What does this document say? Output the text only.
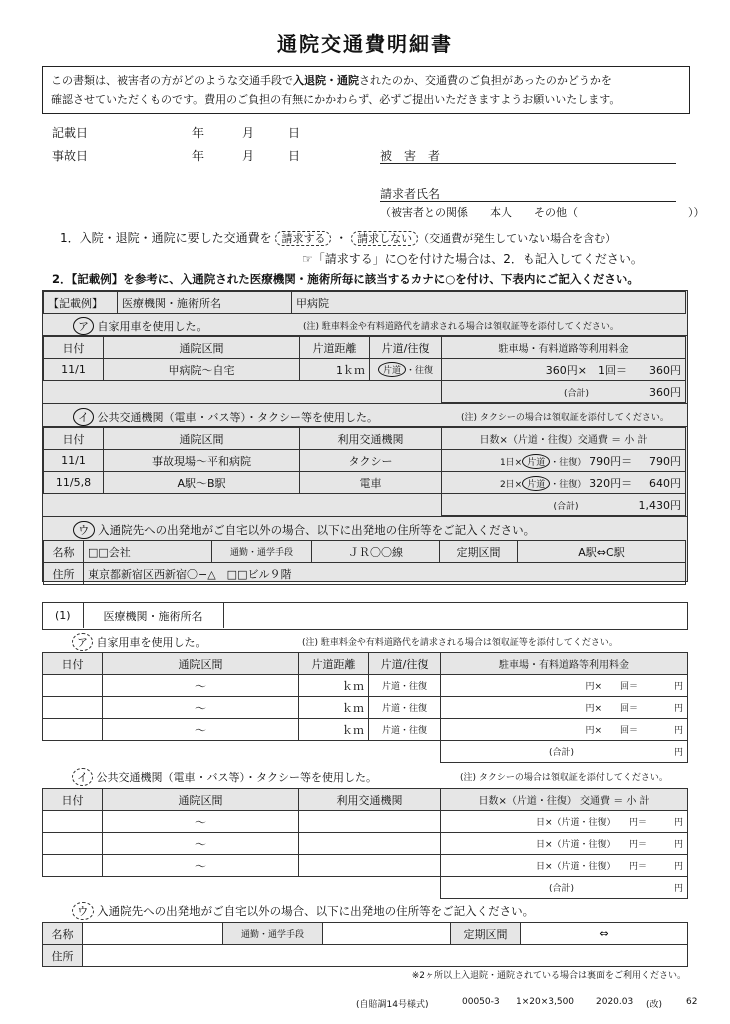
通院交通費明細書
この書類は、被害者の方がどのような交通手段で入退院・通院されたのか、交通費のご負担があったのかどうかを
確認させていただくものです。費用のご負担の有無にかかわらず、必ずご提出いただきますようお願いいたします。
記載日	年	月	日
事故日	年	月	日	被　害　者
請求者氏名
（被害者との関係　　本人　　その他（　　　　　　　　　　））
1．入院・退院・通院に要した交通費を 請求する ・ 請求しない （交通費が発生していない場合を含む）
☞「請求する」に○を付けた場合は、2．も記入してください。
2．【記載例】を参考に、入通院された医療機関・施術所毎に該当するカナに○を付け、下表内にご記入ください。
【記載例】	医療機関・施術所名	甲病院
ア 自家用車を使用した。	(注) 駐車料金や有料道路代を請求される場合は領収証等を添付してください。
日付	通院区間	片道距離	片道/往復	駐車場・有料道路等利用料金
11/1	甲病院〜自宅	1ｋｍ	片道 ・往復	360円×　1回＝　　360円
				(合計) 360円
イ 公共交通機関（電車・バス等）・タクシー等を使用した。	(注) タクシーの場合は領収証を添付してください。
日付	通院区間	利用交通機関	日数×（片道・往復）交通費 ＝ 小 計
11/1	事故現場〜平和病院	タクシー	1日× 片道 ・往復） 790円＝ 790円
11/5,8	A駅〜B駅	電車	2日× 片道 ・往復） 320円＝ 640円
			(合計) 1,430円
ウ 入通院先への出発地がご自宅以外の場合、以下に出発地の住所等をご記入ください。
名称	□□会社	通勤・通学手段	ＪＲ〇〇線	定期区間	A駅⇔C駅
住所	東京都新宿区西新宿〇−△　□□ビル９階				
(1)	医療機関・施術所名	
ア 自家用車を使用した。	(注) 駐車料金や有料道路代を請求される場合は領収証等を添付してください。
日付	通院区間	片道距離	片道/往復	駐車場・有料道路等利用料金
	〜	ｋｍ	片道・往復	円×　　回＝　　　　円
	〜	ｋｍ	片道・往復	円×　　回＝　　　　円
	〜	ｋｍ	片道・往復	円×　　回＝　　　　円
				(合計) 円
イ 公共交通機関（電車・バス等）・タクシー等を使用した。	(注) タクシーの場合は領収証を添付してください。
日付	通院区間	利用交通機関	日数×（片道・往復） 交通費 ＝ 小 計
	〜		日×（片道・往復）　　円＝　　　円
	〜		日×（片道・往復）　　円＝　　　円
	〜		日×（片道・往復）　　円＝　　　円
			(合計) 円
ウ 入通院先への出発地がご自宅以外の場合、以下に出発地の住所等をご記入ください。
名称		通勤・通学手段		定期区間	⇔
住所					
※2ヶ所以上入退院・通院されている場合は裏面をご利用ください。
(自賠調14号様式)	00050-3 1×20×3,500 2020.03 (改)	62
